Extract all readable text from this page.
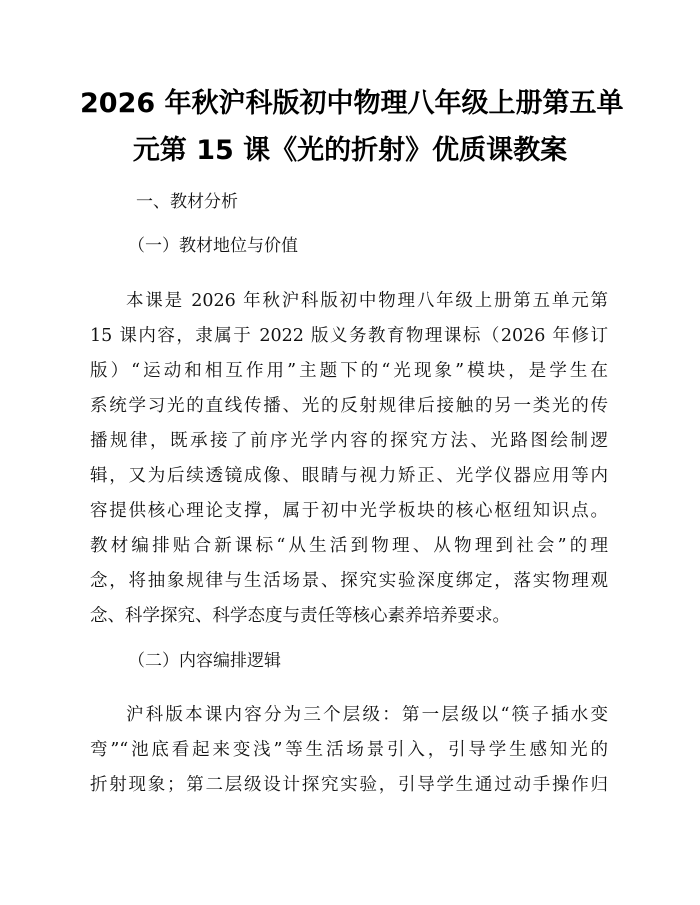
2026 年秋沪科版初中物理八年级上册第五单
元第 15 课《光的折射》优质课教案

一、教材分析

（一）教材地位与价值

本课是 2026 年秋沪科版初中物理八年级上册第五单元第

15 课内容，隶属于 2022 版义务教育物理课标（2026 年修订

版）“运动和相互作用”主题下的“光现象”模块，是学生在

系统学习光的直线传播、光的反射规律后接触的另一类光的传

播规律，既承接了前序光学内容的探究方法、光路图绘制逻

辑，又为后续透镜成像、眼睛与视力矫正、光学仪器应用等内

容提供核心理论支撑，属于初中光学板块的核心枢纽知识点。

教材编排贴合新课标“从生活到物理、从物理到社会”的理

念，将抽象规律与生活场景、探究实验深度绑定，落实物理观

念、科学探究、科学态度与责任等核心素养培养要求。

（二）内容编排逻辑

沪科版本课内容分为三个层级：第一层级以“筷子插水变

弯”“池底看起来变浅”等生活场景引入，引导学生感知光的

折射现象；第二层级设计探究实验，引导学生通过动手操作归
